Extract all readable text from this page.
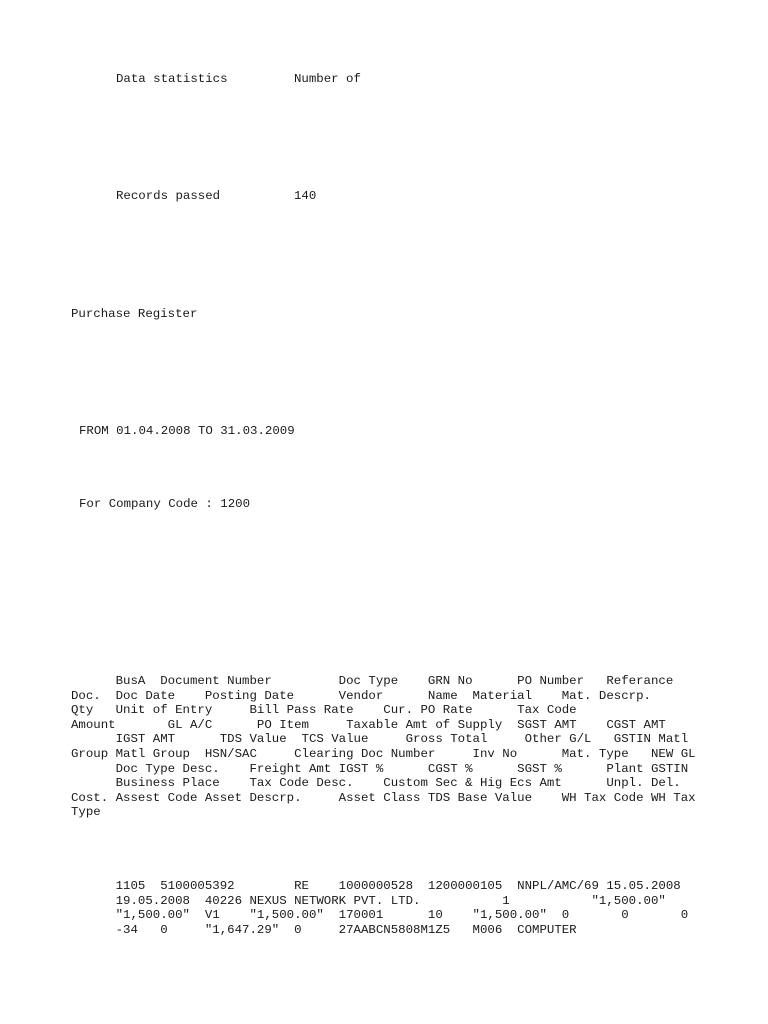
Data statistics	Number of
Records passed	140
Purchase Register
FROM 01.04.2008 TO 31.03.2009
For Company Code : 1200
BusA  Document Number         Doc Type    GRN No      PO Number   Referance
Doc.  Doc Date    Posting Date      Vendor      Name  Material    Mat. Descrp.
Qty   Unit of Entry     Bill Pass Rate    Cur. PO Rate      Tax Code
Amount       GL A/C      PO Item     Taxable Amt of Supply  SGST AMT    CGST AMT
IGST AMT      TDS Value  TCS Value     Gross Total     Other G/L   GSTIN Matl
Group Matl Group  HSN/SAC     Clearing Doc Number     Inv No      Mat. Type   NEW GL
Doc Type Desc.    Freight Amt IGST %      CGST %      SGST %      Plant GSTIN
Business Place    Tax Code Desc.    Custom Sec & Hig Ecs Amt      Unpl. Del.
Cost. Assest Code Asset Descrp.     Asset Class TDS Base Value    WH Tax Code WH Tax
Type
1105  5100005392        RE    1000000528  1200000105  NNPL/AMC/69 15.05.2008
19.05.2008  40226 NEXUS NETWORK PVT. LTD.           1           "1,500.00"
"1,500.00"  V1    "1,500.00"  170001      10    "1,500.00"  0       0       0
-34   0     "1,647.29"  0     27AABCN5808M1Z5   M006  COMPUTER
